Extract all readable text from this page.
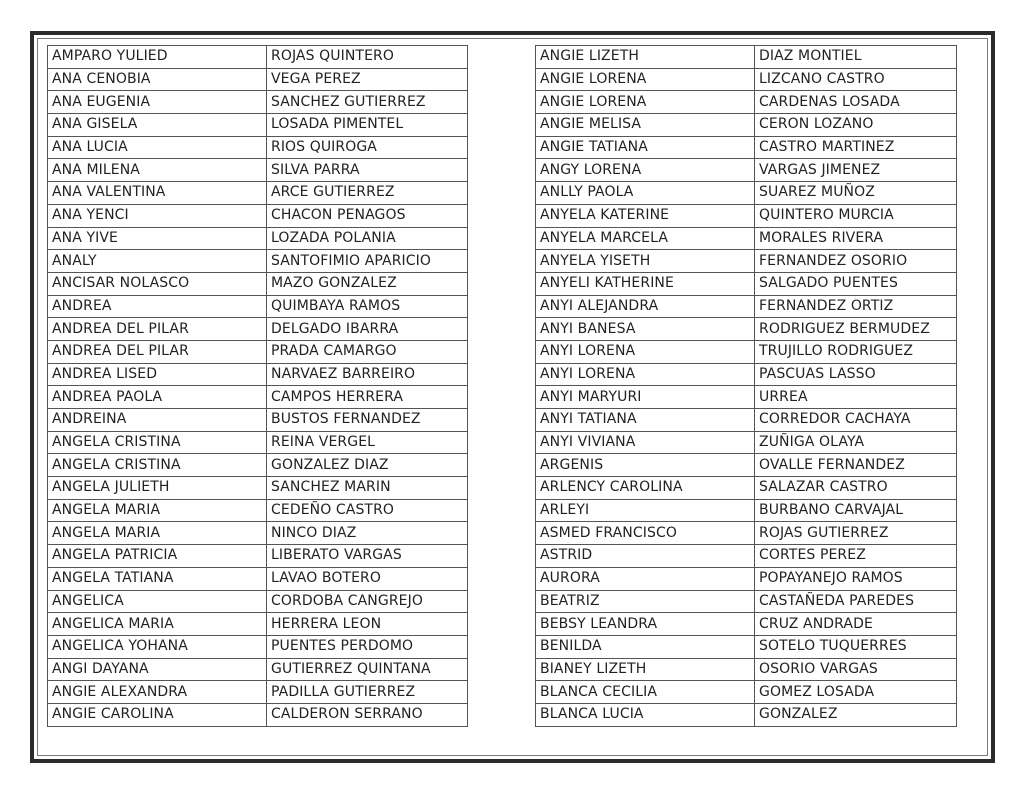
AMPARO YULIED	ROJAS QUINTERO
ANA CENOBIA	VEGA PEREZ
ANA EUGENIA	SANCHEZ GUTIERREZ
ANA GISELA	LOSADA PIMENTEL
ANA LUCIA	RIOS QUIROGA
ANA MILENA	SILVA PARRA
ANA VALENTINA	ARCE GUTIERREZ
ANA YENCI	CHACON PENAGOS
ANA YIVE	LOZADA POLANIA
ANALY	SANTOFIMIO APARICIO
ANCISAR NOLASCO	MAZO GONZALEZ
ANDREA	QUIMBAYA RAMOS
ANDREA DEL PILAR	DELGADO IBARRA
ANDREA DEL PILAR	PRADA CAMARGO
ANDREA LISED	NARVAEZ BARREIRO
ANDREA PAOLA	CAMPOS HERRERA
ANDREINA	BUSTOS FERNANDEZ
ANGELA CRISTINA	REINA VERGEL
ANGELA CRISTINA	GONZALEZ DIAZ
ANGELA JULIETH	SANCHEZ MARIN
ANGELA MARIA	CEDEÑO CASTRO
ANGELA MARIA	NINCO DIAZ
ANGELA PATRICIA	LIBERATO VARGAS
ANGELA TATIANA	LAVAO BOTERO
ANGELICA	CORDOBA CANGREJO
ANGELICA MARIA	HERRERA LEON
ANGELICA YOHANA	PUENTES PERDOMO
ANGI DAYANA	GUTIERREZ QUINTANA
ANGIE ALEXANDRA	PADILLA GUTIERREZ
ANGIE CAROLINA	CALDERON SERRANO
ANGIE LIZETH	DIAZ MONTIEL
ANGIE LORENA	LIZCANO CASTRO
ANGIE LORENA	CARDENAS LOSADA
ANGIE MELISA	CERON LOZANO
ANGIE TATIANA	CASTRO MARTINEZ
ANGY LORENA	VARGAS JIMENEZ
ANLLY PAOLA	SUAREZ MUÑOZ
ANYELA KATERINE	QUINTERO MURCIA
ANYELA MARCELA	MORALES RIVERA
ANYELA YISETH	FERNANDEZ OSORIO
ANYELI KATHERINE	SALGADO PUENTES
ANYI ALEJANDRA	FERNANDEZ ORTIZ
ANYI BANESA	RODRIGUEZ BERMUDEZ
ANYI LORENA	TRUJILLO RODRIGUEZ
ANYI LORENA	PASCUAS LASSO
ANYI MARYURI	URREA
ANYI TATIANA	CORREDOR CACHAYA
ANYI VIVIANA	ZUÑIGA OLAYA
ARGENIS	OVALLE FERNANDEZ
ARLENCY CAROLINA	SALAZAR CASTRO
ARLEYI	BURBANO CARVAJAL
ASMED FRANCISCO	ROJAS GUTIERREZ
ASTRID	CORTES PEREZ
AURORA	POPAYANEJO RAMOS
BEATRIZ	CASTAÑEDA PAREDES
BEBSY LEANDRA	CRUZ ANDRADE
BENILDA	SOTELO TUQUERRES
BIANEY LIZETH	OSORIO VARGAS
BLANCA CECILIA	GOMEZ LOSADA
BLANCA LUCIA	GONZALEZ
